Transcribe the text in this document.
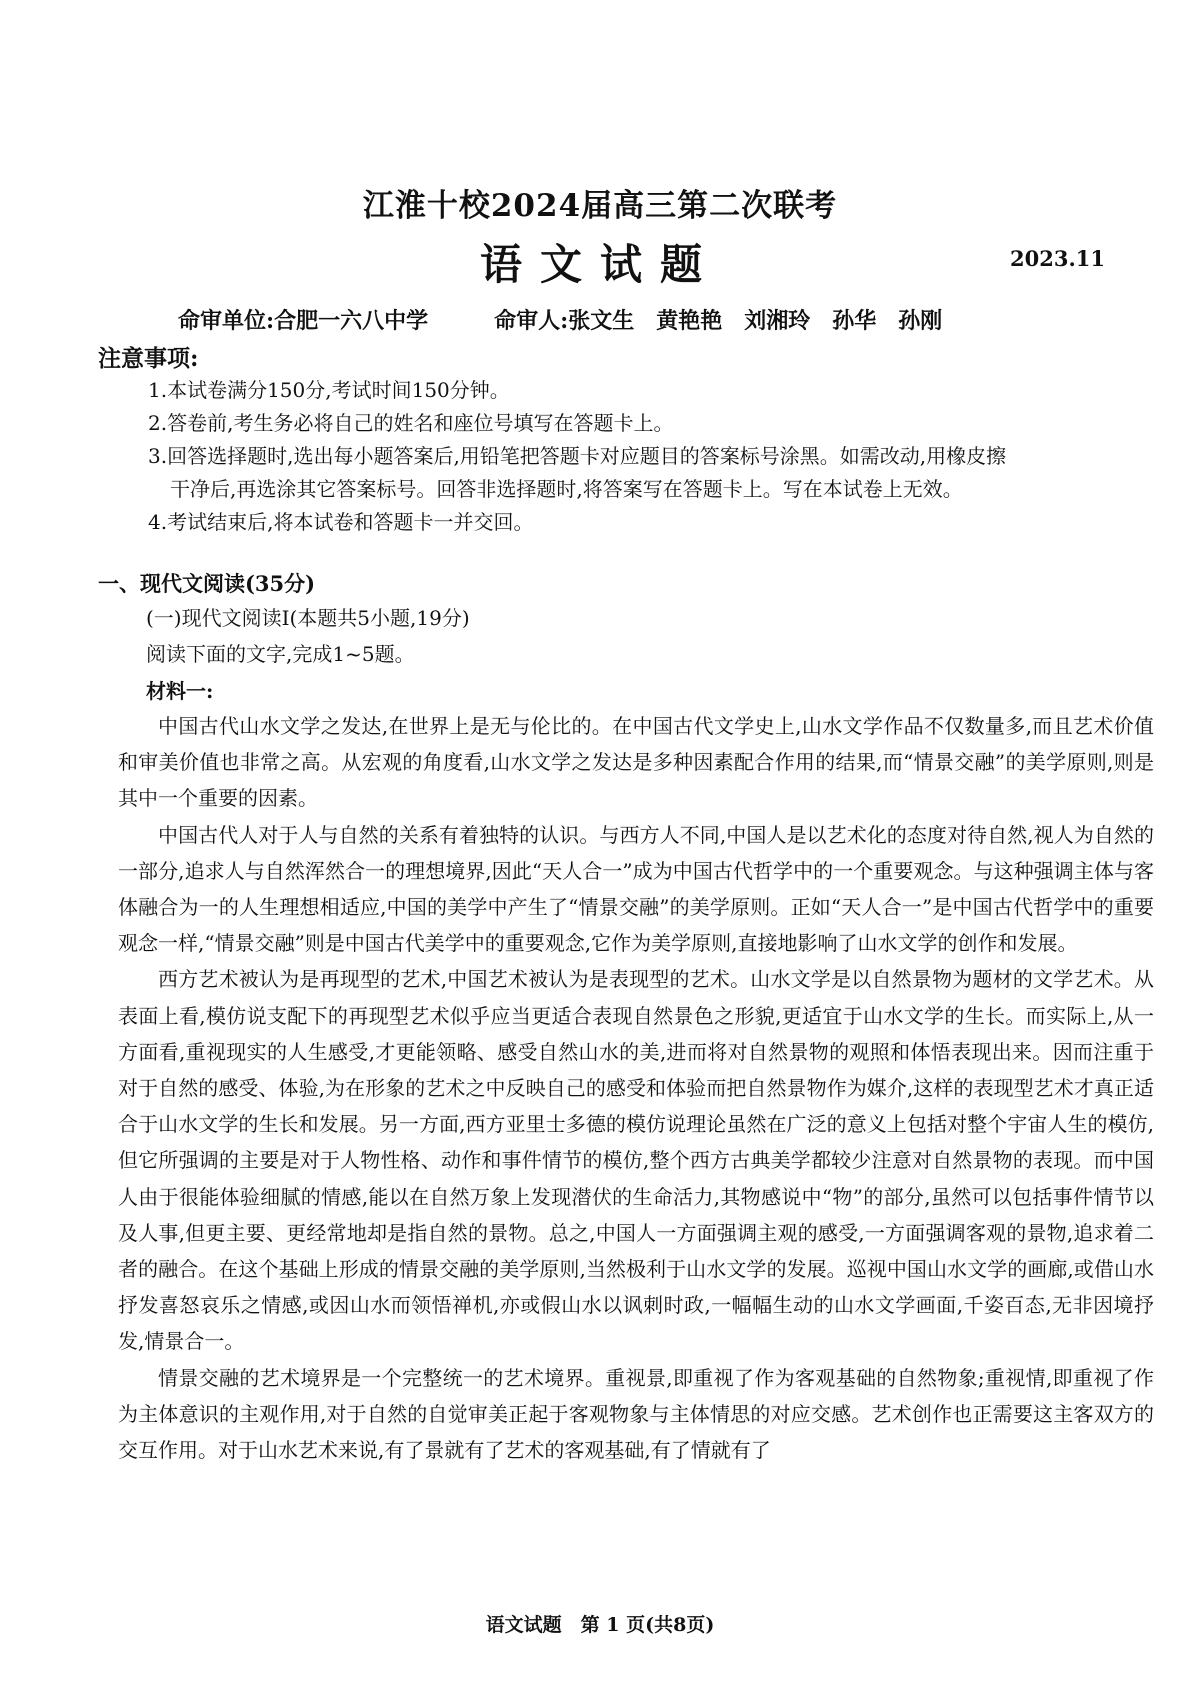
江淮十校2024届高三第二次联考
语文试题	2023.11
命审单位:合肥一六八中学　　　	命审人:张文生　黄艳艳　刘湘玲　孙华　孙刚
注意事项:
1.本试卷满分150分,考试时间150分钟。
2.答卷前,考生务必将自己的姓名和座位号填写在答题卡上。
3.回答选择题时,选出每小题答案后,用铅笔把答题卡对应题目的答案标号涂黑。如需改动,用橡皮擦
干净后,再选涂其它答案标号。回答非选择题时,将答案写在答题卡上。写在本试卷上无效。
4.考试结束后,将本试卷和答题卡一并交回。
一、现代文阅读(35分)
(一)现代文阅读Ⅰ(本题共5小题,19分)
阅读下面的文字,完成1~5题。
材料一:

中国古代山水文学之发达,在世界上是无与伦比的。在中国古代文学史上,山水文学作品不仅数量多,而且艺术价值和审美价值也非常之高。从宏观的角度看,山水文学之发达是多种因素配合作用的结果,而“情景交融”的美学原则,则是其中一个重要的因素。

中国古代人对于人与自然的关系有着独特的认识。与西方人不同,中国人是以艺术化的态度对待自然,视人为自然的一部分,追求人与自然浑然合一的理想境界,因此“天人合一”成为中国古代哲学中的一个重要观念。与这种强调主体与客体融合为一的人生理想相适应,中国的美学中产生了“情景交融”的美学原则。正如“天人合一”是中国古代哲学中的重要观念一样,“情景交融”则是中国古代美学中的重要观念,它作为美学原则,直接地影响了山水文学的创作和发展。

西方艺术被认为是再现型的艺术,中国艺术被认为是表现型的艺术。山水文学是以自然景物为题材的文学艺术。从表面上看,模仿说支配下的再现型艺术似乎应当更适合表现自然景色之形貌,更适宜于山水文学的生长。而实际上,从一方面看,重视现实的人生感受,才更能领略、感受自然山水的美,进而将对自然景物的观照和体悟表现出来。因而注重于对于自然的感受、体验,为在形象的艺术之中反映自己的感受和体验而把自然景物作为媒介,这样的表现型艺术才真正适合于山水文学的生长和发展。另一方面,西方亚里士多德的模仿说理论虽然在广泛的意义上包括对整个宇宙人生的模仿,但它所强调的主要是对于人物性格、动作和事件情节的模仿,整个西方古典美学都较少注意对自然景物的表现。而中国人由于很能体验细腻的情感,能以在自然万象上发现潜伏的生命活力,其物感说中“物”的部分,虽然可以包括事件情节以及人事,但更主要、更经常地却是指自然的景物。总之,中国人一方面强调主观的感受,一方面强调客观的景物,追求着二者的融合。在这个基础上形成的情景交融的美学原则,当然极利于山水文学的发展。巡视中国山水文学的画廊,或借山水抒发喜怒哀乐之情感,或因山水而领悟禅机,亦或假山水以讽刺时政,一幅幅生动的山水文学画面,千姿百态,无非因境抒发,情景合一。

情景交融的艺术境界是一个完整统一的艺术境界。重视景,即重视了作为客观基础的自然物象;重视情,即重视了作为主体意识的主观作用,对于自然的自觉审美正起于客观物象与主体情思的对应交感。艺术创作也正需要这主客双方的交互作用。对于山水艺术来说,有了景就有了艺术的客观基础,有了情就有了

语文试题　第 1 页(共8页)
